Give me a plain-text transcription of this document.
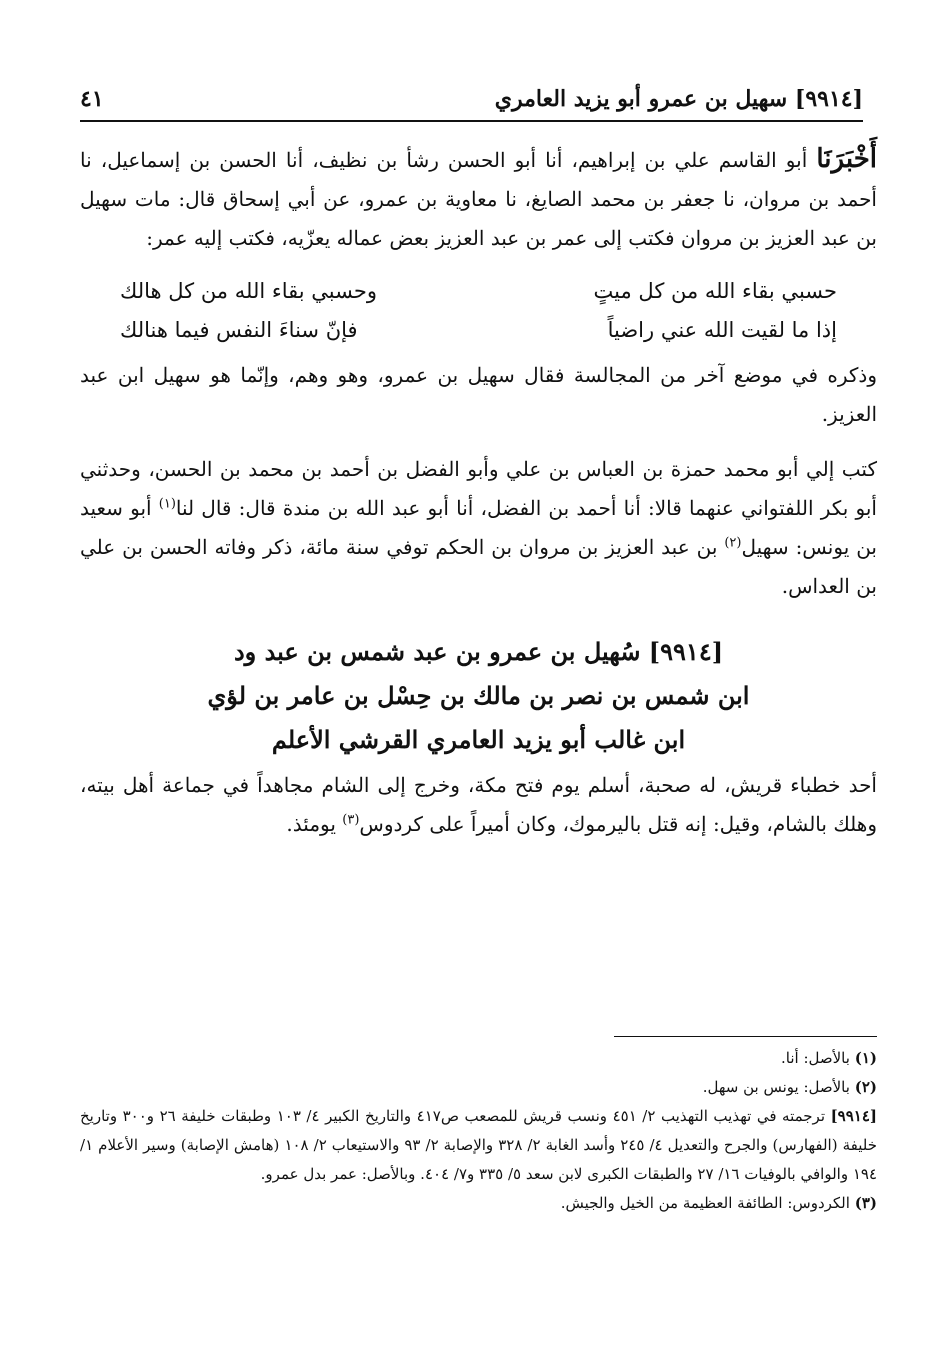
[٩٩١٤] سهيل بن عمرو أبو يزيد العامري
٤١

أَخْبَرَنَا أبو القاسم علي بن إبراهيم، أنا أبو الحسن رشأ بن نظيف، أنا الحسن بن إسماعيل، نا أحمد بن مروان، نا جعفر بن محمد الصايغ، نا معاوية بن عمرو، عن أبي إسحاق قال: مات سهيل بن عبد العزيز بن مروان فكتب إلى عمر بن عبد العزيز بعض عماله يعزّيه، فكتب إليه عمر:

حسبي بقاء الله من كل ميتٍ
وحسبي بقاء الله من كل هالك
إذا ما لقيت الله عني راضياً
فإنّ سناءَ النفس فيما هنالك

وذكره في موضع آخر من المجالسة فقال سهيل بن عمرو، وهو وهم، وإنّما هو سهيل ابن عبد العزيز.

كتب إلي أبو محمد حمزة بن العباس بن علي وأبو الفضل بن أحمد بن محمد بن الحسن، وحدثني أبو بكر اللفتواني عنهما قالا: أنا أحمد بن الفضل، أنا أبو عبد الله بن مندة قال: قال لنا$^{(١)}$ أبو سعيد بن يونس: سهيل$^{(٢)}$ بن عبد العزيز بن مروان بن الحكم توفي سنة مائة، ذكر وفاته الحسن بن علي بن العداس.

[٩٩١٤] سُهيل بن عمرو بن عبد شمس بن عبد ود
ابن شمس بن نصر بن مالك بن حِسْل بن عامر بن لؤي
ابن غالب أبو يزيد العامري القرشي الأعلم

أحد خطباء قريش، له صحبة، أسلم يوم فتح مكة، وخرج إلى الشام مجاهداً في جماعة أهل بيته، وهلك بالشام، وقيل: إنه قتل باليرموك، وكان أميراً على كردوس$^{(٣)}$ يومئذ.

(١) بالأصل: أنا.

(٢) بالأصل: يونس بن سهل.

[٩٩١٤] ترجمته في تهذيب التهذيب ٢/ ٤٥١ ونسب قريش للمصعب ص٤١٧ والتاريخ الكبير ٤/ ١٠٣ وطبقات خليفة ٢٦ و٣٠٠ وتاريخ خليفة (الفهارس) والجرح والتعديل ٤/ ٢٤٥ وأسد الغابة ٢/ ٣٢٨ والإصابة ٢/ ٩٣ والاستيعاب ٢/ ١٠٨ (هامش الإصابة) وسير الأعلام ١/ ١٩٤ والوافي بالوفيات ١٦/ ٢٧ والطبقات الكبرى لابن سعد ٥/ ٣٣٥ و٧/ ٤٠٤. وبالأصل: عمر بدل عمرو.

(٣) الكردوس: الطائفة العظيمة من الخيل والجيش.
